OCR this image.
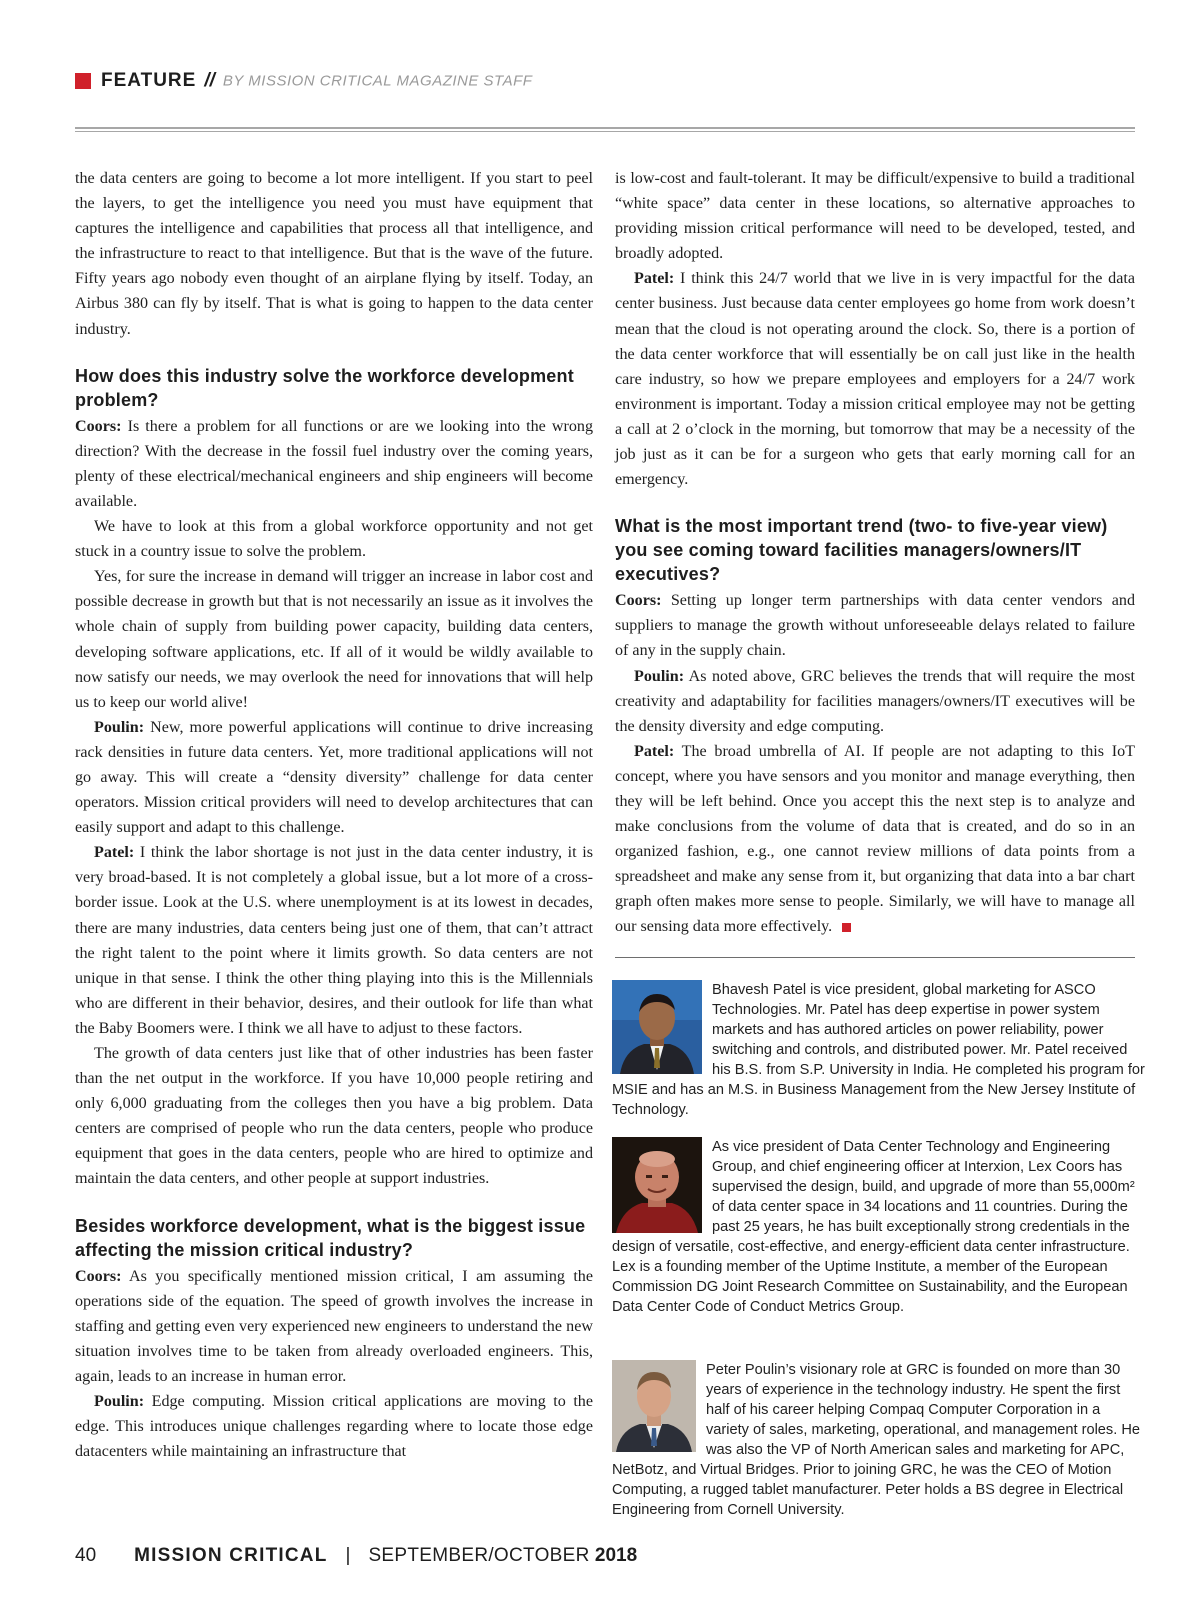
FEATURE // BY MISSION CRITICAL MAGAZINE STAFF

the data centers are going to become a lot more intelligent. If you start to peel the layers, to get the intelligence you need you must have equipment that captures the intelligence and capabilities that process all that intelligence, and the infrastructure to react to that intelligence. But that is the wave of the future. Fifty years ago nobody even thought of an airplane flying by itself. Today, an Airbus 380 can fly by itself. That is what is going to happen to the data center industry.

How does this industry solve the workforce development problem?

Coors: Is there a problem for all functions or are we looking into the wrong direction? With the decrease in the fossil fuel industry over the coming years, plenty of these electrical/mechanical engineers and ship engineers will become available.

We have to look at this from a global workforce opportunity and not get stuck in a country issue to solve the problem.

Yes, for sure the increase in demand will trigger an increase in labor cost and possible decrease in growth but that is not necessarily an issue as it involves the whole chain of supply from building power capacity, building data centers, developing software applications, etc. If all of it would be wildly available to now satisfy our needs, we may overlook the need for innovations that will help us to keep our world alive!

Poulin: New, more powerful applications will continue to drive increasing rack densities in future data centers. Yet, more traditional applications will not go away. This will create a “density diversity” challenge for data center operators. Mission critical providers will need to develop architectures that can easily support and adapt to this challenge.

Patel: I think the labor shortage is not just in the data center industry, it is very broad-based. It is not completely a global issue, but a lot more of a cross-border issue. Look at the U.S. where unemployment is at its lowest in decades, there are many industries, data centers being just one of them, that can’t attract the right talent to the point where it limits growth. So data centers are not unique in that sense. I think the other thing playing into this is the Millennials who are different in their behavior, desires, and their outlook for life than what the Baby Boomers were. I think we all have to adjust to these factors.

The growth of data centers just like that of other industries has been faster than the net output in the workforce. If you have 10,000 people retiring and only 6,000 graduating from the colleges then you have a big problem. Data centers are comprised of people who run the data centers, people who produce equipment that goes in the data centers, people who are hired to optimize and maintain the data centers, and other people at support industries.

Besides workforce development, what is the biggest issue affecting the mission critical industry?

Coors: As you specifically mentioned mission critical, I am assuming the operations side of the equation. The speed of growth involves the increase in staffing and getting even very experienced new engineers to understand the new situation involves time to be taken from already overloaded engineers. This, again, leads to an increase in human error.

Poulin: Edge computing. Mission critical applications are moving to the edge. This introduces unique challenges regarding where to locate those edge datacenters while maintaining an infrastructure that

is low-cost and fault-tolerant. It may be difficult/expensive to build a traditional “white space” data center in these locations, so alternative approaches to providing mission critical performance will need to be developed, tested, and broadly adopted.

Patel: I think this 24/7 world that we live in is very impactful for the data center business. Just because data center employees go home from work doesn’t mean that the cloud is not operating around the clock. So, there is a portion of the data center workforce that will essentially be on call just like in the health care industry, so how we prepare employees and employers for a 24/7 work environment is important. Today a mission critical employee may not be getting a call at 2 o’clock in the morning, but tomorrow that may be a necessity of the job just as it can be for a surgeon who gets that early morning call for an emergency.

What is the most important trend (two- to five-year view) you see coming toward facilities managers/owners/IT executives?

Coors: Setting up longer term partnerships with data center vendors and suppliers to manage the growth without unforeseeable delays related to failure of any in the supply chain.

Poulin: As noted above, GRC believes the trends that will require the most creativity and adaptability for facilities managers/owners/IT executives will be the density diversity and edge computing.

Patel: The broad umbrella of AI. If people are not adapting to this IoT concept, where you have sensors and you monitor and manage everything, then they will be left behind. Once you accept this the next step is to analyze and make conclusions from the volume of data that is created, and do so in an organized fashion, e.g., one cannot review millions of data points from a spreadsheet and make any sense from it, but organizing that data into a bar chart graph often makes more sense to people. Similarly, we will have to manage all our sensing data more effectively.

Bhavesh Patel is vice president, global marketing for ASCO Technologies. Mr. Patel has deep expertise in power system markets and has authored articles on power reliability, power switching and controls, and distributed power. Mr. Patel received his B.S. from S.P. University in India. He completed his program for MSIE and has an M.S. in Business Management from the New Jersey Institute of Technology.

As vice president of Data Center Technology and Engineering Group, and chief engineering officer at Interxion, Lex Coors has supervised the design, build, and upgrade of more than 55,000m² of data center space in 34 locations and 11 countries. During the past 25 years, he has built exceptionally strong credentials in the design of versatile, cost-effective, and energy-efficient data center infrastructure. Lex is a founding member of the Uptime Institute, a member of the European Commission DG Joint Research Committee on Sustainability, and the European Data Center Code of Conduct Metrics Group.

Peter Poulin’s visionary role at GRC is founded on more than 30 years of experience in the technology industry. He spent the first half of his career helping Compaq Computer Corporation in a variety of sales, marketing, operational, and management roles. He was also the VP of North American sales and marketing for APC, NetBotz, and Virtual Bridges. Prior to joining GRC, he was the CEO of Motion Computing, a rugged tablet manufacturer. Peter holds a BS degree in Electrical Engineering from Cornell University.

40 MISSION CRITICAL | SEPTEMBER/OCTOBER 2018
